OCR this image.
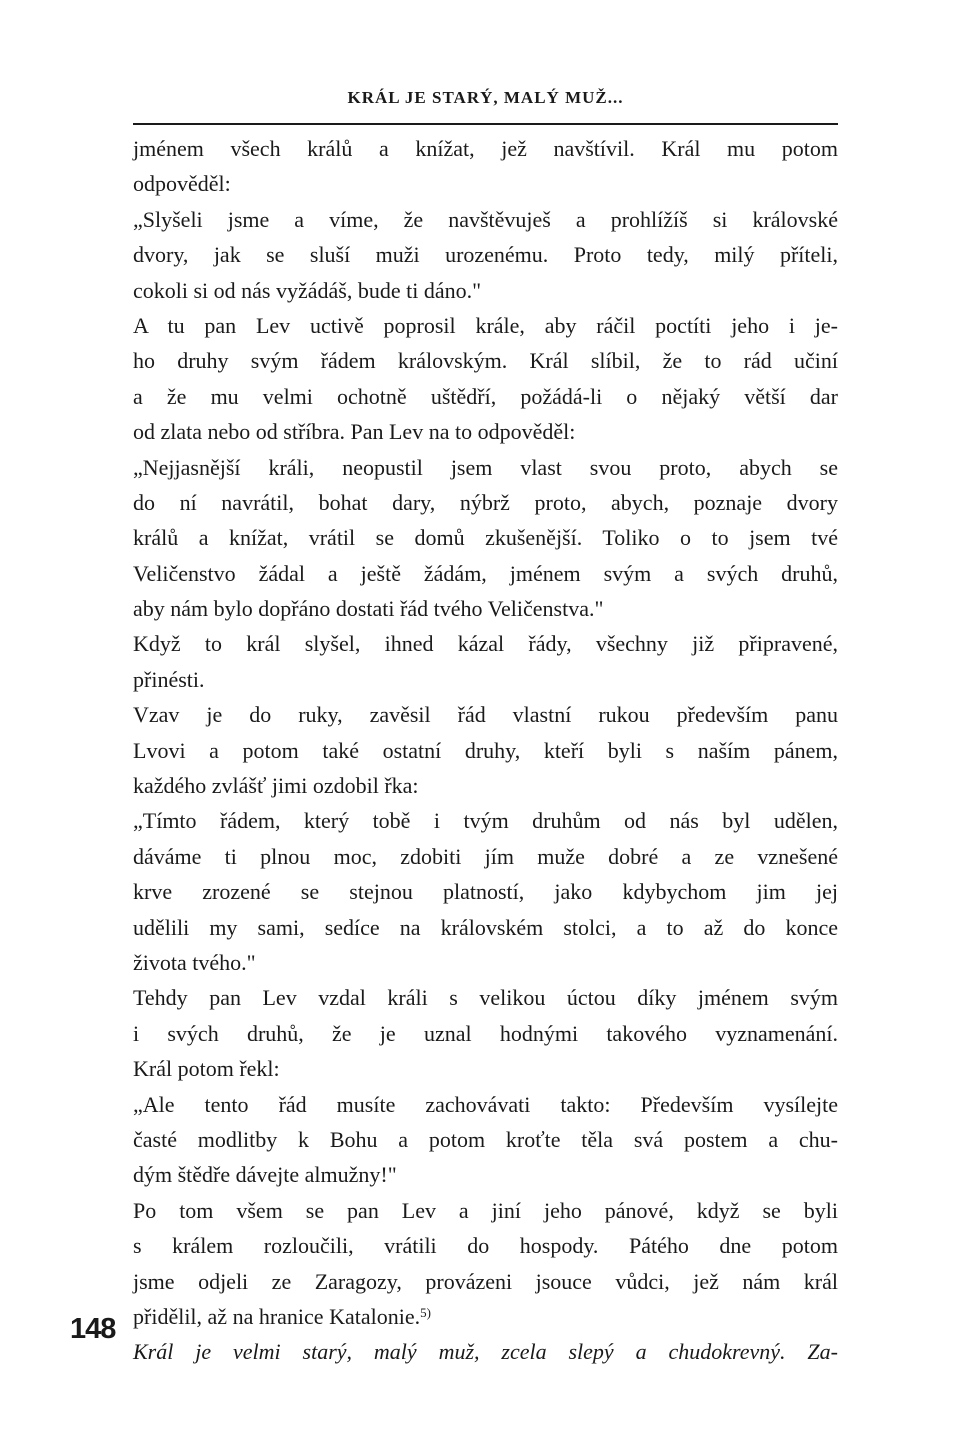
KRÁL JE STARÝ, MALÝ MUŽ...
jménem všech králů a knížat, jež navštívil. Král mu potom
odpověděl:
„Slyšeli jsme a víme, že navštěvuješ a prohlížíš si královské
dvory, jak se sluší muži urozenému. Proto tedy, milý příteli,
cokoli si od nás vyžádáš, bude ti dáno."
A tu pan Lev uctivě poprosil krále, aby ráčil poctíti jeho i je-
ho druhy svým řádem královským. Král slíbil, že to rád učiní
a že mu velmi ochotně uštědří, požádá-li o nějaký větší dar
od zlata nebo od stříbra. Pan Lev na to odpověděl:
„Nejjasnější králi, neopustil jsem vlast svou proto, abych se
do ní navrátil, bohat dary, nýbrž proto, abych, poznaje dvory
králů a knížat, vrátil se domů zkušenější. Toliko o to jsem tvé
Veličenstvo žádal a ještě žádám, jménem svým a svých druhů,
aby nám bylo dopřáno dostati řád tvého Veličenstva."
Když to král slyšel, ihned kázal řády, všechny již připravené,
přinésti.
Vzav je do ruky, zavěsil řád vlastní rukou především panu
Lvovi a potom také ostatní druhy, kteří byli s naším pánem,
každého zvlášť jimi ozdobil řka:
„Tímto řádem, který tobě i tvým druhům od nás byl udělen,
dáváme ti plnou moc, zdobiti jím muže dobré a ze vznešené
krve zrozené se stejnou platností, jako kdybychom jim jej
udělili my sami, sedíce na královském stolci, a to až do konce
života tvého."
Tehdy pan Lev vzdal králi s velikou úctou díky jménem svým
i svých druhů, že je uznal hodnými takového vyznamenání.
Král potom řekl:
„Ale tento řád musíte zachovávati takto: Především vysílejte
časté modlitby k Bohu a potom kroťte těla svá postem a chu-
dým štědře dávejte almužny!"
Po tom všem se pan Lev a jiní jeho pánové, když se byli
s králem rozloučili, vrátili do hospody. Pátého dne potom
jsme odjeli ze Zaragozy, provázeni jsouce vůdci, jež nám král
přidělil, až na hranice Katalonie.$^{5)}$
Král je velmi starý, malý muž, zcela slepý a chudokrevný. Za-
148
